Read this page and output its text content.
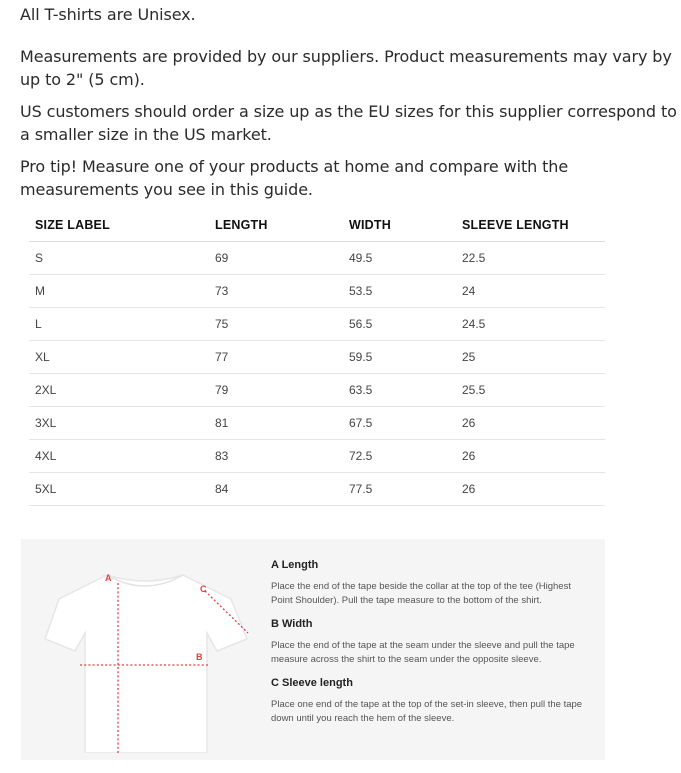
All T-shirts are Unisex.
Measurements are provided by our suppliers. Product measurements may vary by up to 2" (5 cm).
US customers should order a size up as the EU sizes for this supplier correspond to a smaller size in the US market.
Pro tip! Measure one of your products at home and compare with the measurements you see in this guide.
SIZE LABEL	LENGTH	WIDTH	SLEEVE LENGTH
S	69	49.5	22.5
M	73	53.5	24
L	75	56.5	24.5
XL	77	59.5	25
2XL	79	63.5	25.5
3XL	81	67.5	26
4XL	83	72.5	26
5XL	84	77.5	26
A
B
C
A Length
Place the end of the tape beside the collar at the top of the tee (Highest Point Shoulder). Pull the tape measure to the bottom of the shirt.
B Width
Place the end of the tape at the seam under the sleeve and pull the tape measure across the shirt to the seam under the opposite sleeve.
C Sleeve length
Place one end of the tape at the top of the set-in sleeve, then pull the tape down until you reach the hem of the sleeve.
